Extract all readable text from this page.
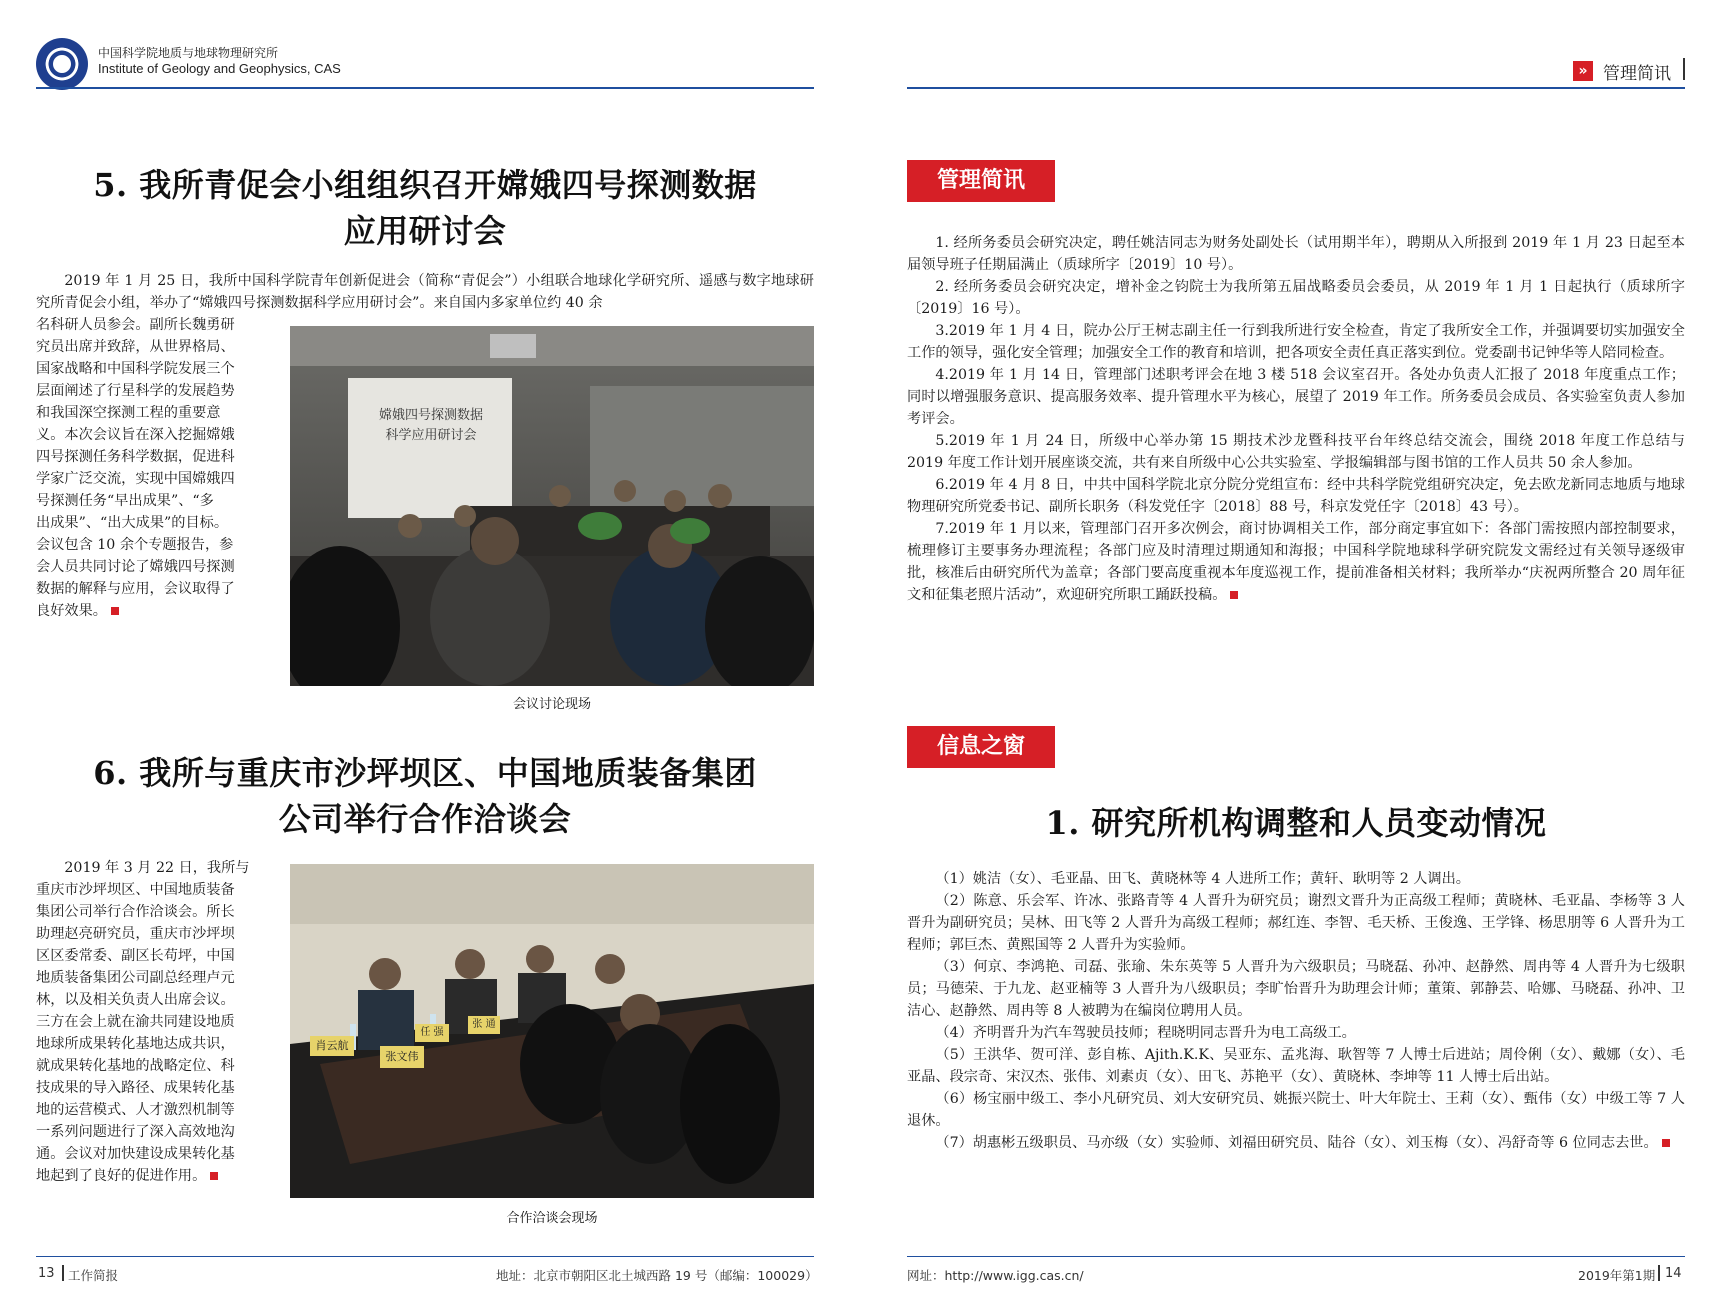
中国科学院地质与地球物理研究所
Institute of Geology and Geophysics, CAS
5. 我所青促会小组组织召开嫦娥四号探测数据
应用研讨会

2019 年 1 月 25 日，我所中国科学院青年创新促进会（简称“青促会”）小组联合地球化学研究所、遥感与数字地球研究所青促会小组，举办了“嫦娥四号探测数据科学应用研讨会”。来自国内多家单位约 40 余

名科研人员参会。副所长魏勇研
究员出席并致辞，从世界格局、
国家战略和中国科学院发展三个
层面阐述了行星科学的发展趋势
和我国深空探测工程的重要意
义。本次会议旨在深入挖掘嫦娥
四号探测任务科学数据，促进科
学家广泛交流，实现中国嫦娥四
号探测任务“早出成果”、“多
出成果”、“出大成果”的目标。
会议包含 10 余个专题报告，参
会人员共同讨论了嫦娥四号探测
数据的解释与应用，会议取得了
良好效果。
嫦娥四号探测数据
科学应用研讨会
会议讨论现场
6. 我所与重庆市沙坪坝区、中国地质装备集团
公司举行合作洽谈会
2019 年 3 月 22 日，我所与
重庆市沙坪坝区、中国地质装备
集团公司举行合作洽谈会。所长
助理赵亮研究员，重庆市沙坪坝
区区委常委、副区长苟坪，中国
地质装备集团公司副总经理卢元
林，以及相关负责人出席会议。
三方在会上就在渝共同建设地质
地球所成果转化基地达成共识，
就成果转化基地的战略定位、科
技成果的导入路径、成果转化基
地的运营模式、人才激烈机制等
一系列问题进行了深入高效地沟
通。会议对加快建设成果转化基
地起到了良好的促进作用。
肖云航
张文伟
任 强
张 通
合作洽谈会现场
13 工作简报	地址：北京市朝阳区北土城西路 19 号（邮编：100029）
» 管理简讯
管理简讯

1. 经所务委员会研究决定，聘任姚洁同志为财务处副处长（试用期半年），聘期从入所报到 2019 年 1 月 23 日起至本届领导班子任期届满止（质球所字〔2019〕10 号）。

2. 经所务委员会研究决定，增补金之钧院士为我所第五届战略委员会委员，从 2019 年 1 月 1 日起执行（质球所字〔2019〕16 号）。

3.2019 年 1 月 4 日，院办公厅王树志副主任一行到我所进行安全检查，肯定了我所安全工作，并强调要切实加强安全工作的领导，强化安全管理；加强安全工作的教育和培训，把各项安全责任真正落实到位。党委副书记钟华等人陪同检查。

4.2019 年 1 月 14 日，管理部门述职考评会在地 3 楼 518 会议室召开。各处办负责人汇报了 2018 年度重点工作；同时以增强服务意识、提高服务效率、提升管理水平为核心，展望了 2019 年工作。所务委员会成员、各实验室负责人参加考评会。

5.2019 年 1 月 24 日，所级中心举办第 15 期技术沙龙暨科技平台年终总结交流会，围绕 2018 年度工作总结与 2019 年度工作计划开展座谈交流，共有来自所级中心公共实验室、学报编辑部与图书馆的工作人员共 50 余人参加。

6.2019 年 4 月 8 日，中共中国科学院北京分院分党组宣布：经中共科学院党组研究决定，免去欧龙新同志地质与地球物理研究所党委书记、副所长职务（科发党任字〔2018〕88 号，科京发党任字〔2018〕43 号）。

7.2019 年 1 月以来，管理部门召开多次例会，商讨协调相关工作，部分商定事宜如下：各部门需按照内部控制要求，梳理修订主要事务办理流程；各部门应及时清理过期通知和海报；中国科学院地球科学研究院发文需经过有关领导逐级审批，核准后由研究所代为盖章；各部门要高度重视本年度巡视工作，提前准备相关材料；我所举办“庆祝两所整合 20 周年征文和征集老照片活动”，欢迎研究所职工踊跃投稿。

信息之窗
1. 研究所机构调整和人员变动情况

（1）姚洁（女）、毛亚晶、田飞、黄晓林等 4 人进所工作；黄轩、耿明等 2 人调出。

（2）陈意、乐会军、许冰、张路青等 4 人晋升为研究员；谢烈文晋升为正高级工程师；黄晓林、毛亚晶、李杨等 3 人晋升为副研究员；吴林、田飞等 2 人晋升为高级工程师；郝红连、李智、毛天桥、王俊逸、王学锋、杨思朋等 6 人晋升为工程师；郭巨杰、黄熙国等 2 人晋升为实验师。

（3）何京、李鸿艳、司磊、张瑜、朱东英等 5 人晋升为六级职员；马晓磊、孙冲、赵静然、周冉等 4 人晋升为七级职员；马德荣、于九龙、赵亚楠等 3 人晋升为八级职员；李旷怡晋升为助理会计师；董策、郭静芸、哈娜、马晓磊、孙冲、卫洁心、赵静然、周冉等 8 人被聘为在编岗位聘用人员。

（4）齐明晋升为汽车驾驶员技师；程晓明同志晋升为电工高级工。

（5）王洪华、贺可洋、彭自栋、Ajith.K.K、吴亚东、孟兆海、耿智等 7 人博士后进站；周伶俐（女）、戴娜（女）、毛亚晶、段宗奇、宋汉杰、张伟、刘素贞（女）、田飞、苏艳平（女）、黄晓林、李坤等 11 人博士后出站。

（6）杨宝丽中级工、李小凡研究员、刘大安研究员、姚振兴院士、叶大年院士、王莉（女）、甄伟（女）中级工等 7 人退休。

（7）胡惠彬五级职员、马亦级（女）实验师、刘福田研究员、陆谷（女）、刘玉梅（女）、冯舒奇等 6 位同志去世。

网址：http://www.igg.cas.cn/	2019年第1期 14
